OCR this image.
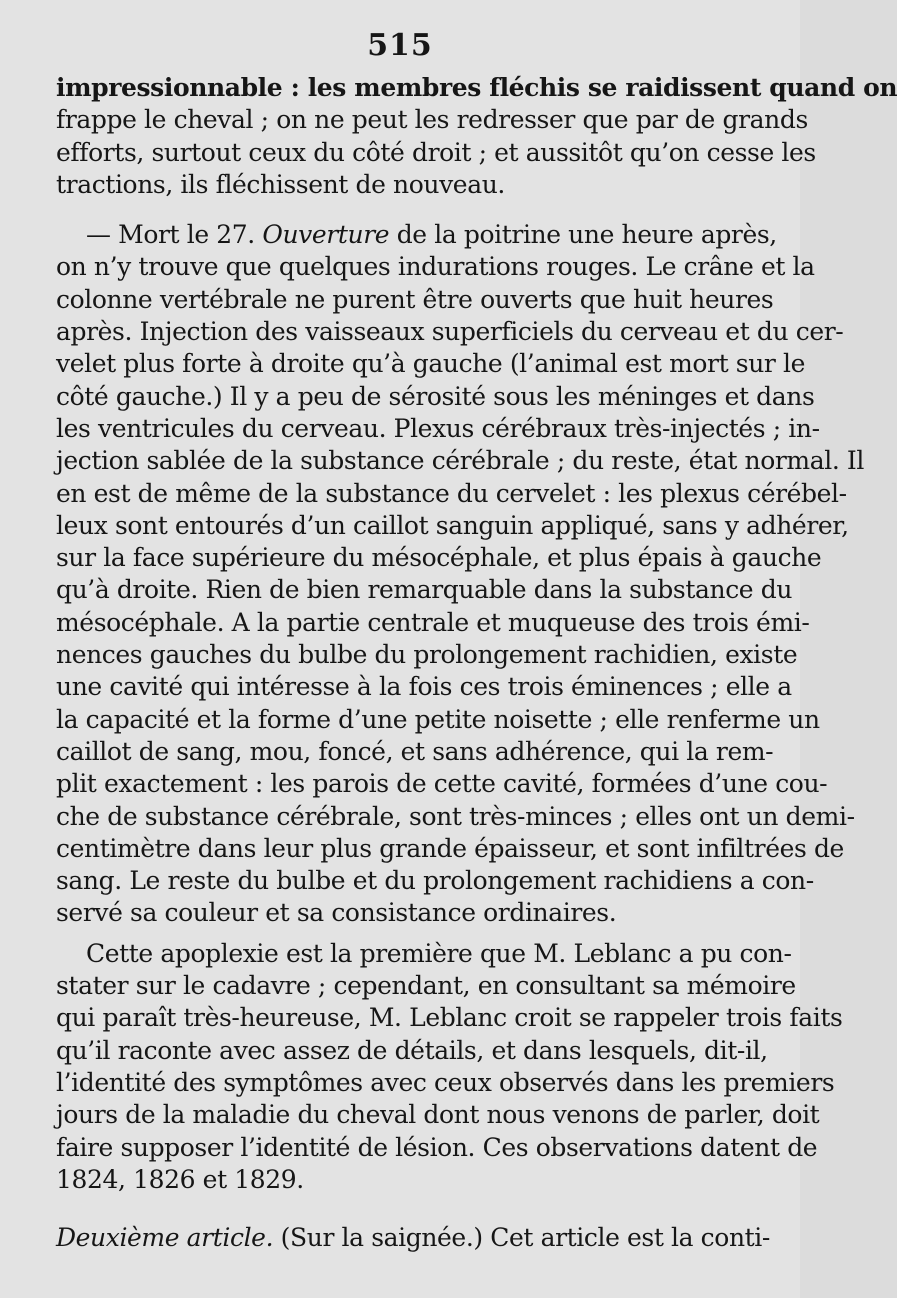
515
impressionnable : les membres fléchis se raidissent quand on
frappe le cheval ; on ne peut les redresser que par de grands
efforts, surtout ceux du côté droit ; et aussitôt qu’on cesse les
tractions, ils fléchissent de nouveau.
— Mort le 27. Ouverture de la poitrine une heure après,
on n’y trouve que quelques indurations rouges. Le crâne et la
colonne vertébrale ne purent être ouverts que huit heures
après. Injection des vaisseaux superficiels du cerveau et du cer-
velet plus forte à droite qu’à gauche (l’animal est mort sur le
côté gauche.) Il y a peu de sérosité sous les méninges et dans
les ventricules du cerveau. Plexus cérébraux très-injectés ; in-
jection sablée de la substance cérébrale ; du reste, état normal. Il
en est de même de la substance du cervelet : les plexus cérébel-
leux sont entourés d’un caillot sanguin appliqué, sans y adhérer,
sur la face supérieure du mésocéphale, et plus épais à gauche
qu’à droite. Rien de bien remarquable dans la substance du
mésocéphale. A la partie centrale et muqueuse des trois émi-
nences gauches du bulbe du prolongement rachidien, existe
une cavité qui intéresse à la fois ces trois éminences ; elle a
la capacité et la forme d’une petite noisette ; elle renferme un
caillot de sang, mou, foncé, et sans adhérence, qui la rem-
plit exactement : les parois de cette cavité, formées d’une cou-
che de substance cérébrale, sont très-minces ; elles ont un demi-
centimètre dans leur plus grande épaisseur, et sont infiltrées de
sang. Le reste du bulbe et du prolongement rachidiens a con-
servé sa couleur et sa consistance ordinaires.
Cette apoplexie est la première que M. Leblanc a pu con-
stater sur le cadavre ; cependant, en consultant sa mémoire
qui paraît très-heureuse, M. Leblanc croit se rappeler trois faits
qu’il raconte avec assez de détails, et dans lesquels, dit-il,
l’identité des symptômes avec ceux observés dans les premiers
jours de la maladie du cheval dont nous venons de parler, doit
faire supposer l’identité de lésion. Ces observations datent de
1824, 1826 et 1829.
Deuxième article. (Sur la saignée.) Cet article est la conti-
